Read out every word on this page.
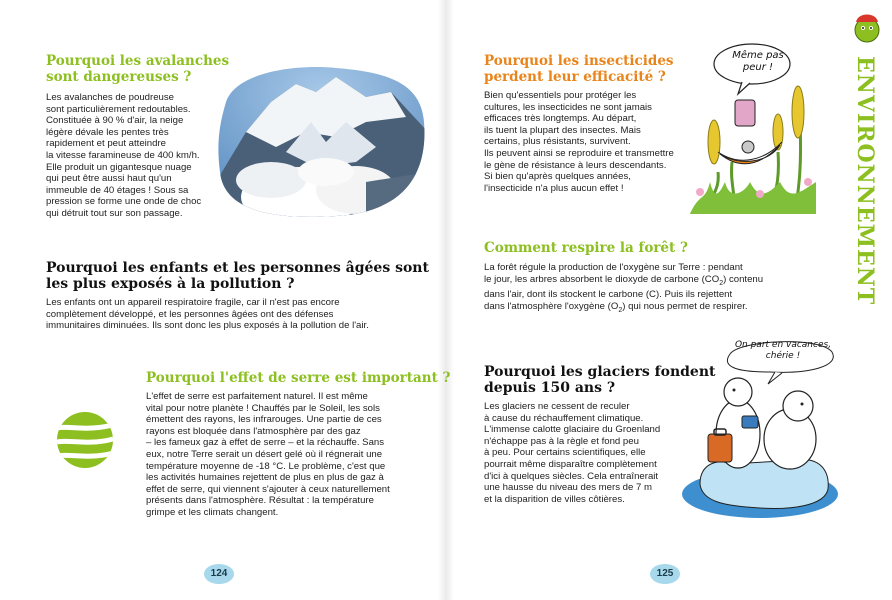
Pourquoi les avalanches
sont dangereuses ?
Les avalanches de poudreuse
sont particulièrement redoutables.
Constituée à 90 % d'air, la neige
légère dévale les pentes très
rapidement et peut atteindre
la vitesse faramineuse de 400 km/h.
Elle produit un gigantesque nuage
qui peut être aussi haut qu'un
immeuble de 40 étages ! Sous sa
pression se forme une onde de choc
qui détruit tout sur son passage.
Pourquoi les enfants et les personnes âgées sont
les plus exposés à la pollution ?
Les enfants ont un appareil respiratoire fragile, car il n'est pas encore
complètement développé, et les personnes âgées ont des défenses
immunitaires diminuées. Ils sont donc les plus exposés à la pollution de l'air.
Pourquoi l'effet de serre est important ?
L'effet de serre est parfaitement naturel. Il est même
vital pour notre planète ! Chauffés par le Soleil, les sols
émettent des rayons, les infrarouges. Une partie de ces
rayons est bloquée dans l'atmosphère par des gaz
– les fameux gaz à effet de serre – et la réchauffe. Sans
eux, notre Terre serait un désert gelé où il régnerait une
température moyenne de -18 °C. Le problème, c'est que
les activités humaines rejettent de plus en plus de gaz à
effet de serre, qui viennent s'ajouter à ceux naturellement
présents dans l'atmosphère. Résultat : la température
grimpe et les climats changent.
124
Pourquoi les insecticides
perdent leur efficacité ?
Bien qu'essentiels pour protéger les
cultures, les insecticides ne sont jamais
efficaces très longtemps. Au départ,
ils tuent la plupart des insectes. Mais
certains, plus résistants, survivent.
Ils peuvent ainsi se reproduire et transmettre
le gène de résistance à leurs descendants.
Si bien qu'après quelques années,
l'insecticide n'a plus aucun effet !
Même pas
peur !
Comment respire la forêt ?
La forêt régule la production de l'oxygène sur Terre : pendant
le jour, les arbres absorbent le dioxyde de carbone $(CO_2)$ contenu
dans l'air, dont ils stockent le carbone (C). Puis ils rejettent
dans l'atmosphère l'oxygène $(O_2)$ qui nous permet de respirer.
Pourquoi les glaciers fondent
depuis 150 ans ?
Les glaciers ne cessent de reculer
à cause du réchauffement climatique.
L'immense calotte glaciaire du Groenland
n'échappe pas à la règle et fond peu
à peu. Pour certains scientifiques, elle
pourrait même disparaître complètement
d'ici à quelques siècles. Cela entraînerait
une hausse du niveau des mers de 7 m
et la disparition de villes côtières.
On part en vacances,
chérie !
125
ENVIRONNEMENT
